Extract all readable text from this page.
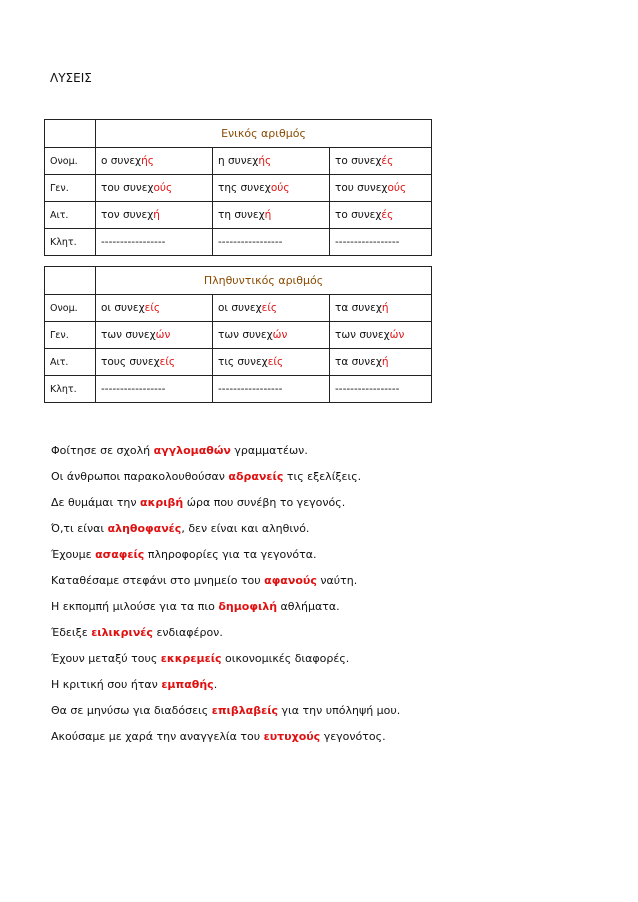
ΛΥΣΕΙΣ
	Ενικός αριθμός		
Ονομ.	ο συνεχής	η συνεχής	το συνεχές
Γεν.	του συνεχούς	της συνεχούς	του συνεχούς
Αιτ.	τον συνεχή	τη συνεχή	το συνεχές
Κλητ.	-----------------	-----------------	-----------------
	Πληθυντικός αριθμός		
Ονομ.	οι συνεχείς	οι συνεχείς	τα συνεχή
Γεν.	των συνεχών	των συνεχών	των συνεχών
Αιτ.	τους συνεχείς	τις συνεχείς	τα συνεχή
Κλητ.	-----------------	-----------------	-----------------
Φοίτησε σε σχολή αγγλομαθών γραμματέων.
Οι άνθρωποι παρακολουθούσαν αδρανείς τις εξελίξεις.
Δε θυμάμαι την ακριβή ώρα που συνέβη το γεγονός.
Ό,τι είναι αληθοφανές, δεν είναι και αληθινό.
Έχουμε ασαφείς πληροφορίες για τα γεγονότα.
Καταθέσαμε στεφάνι στο μνημείο του αφανούς ναύτη.
Η εκπομπή μιλούσε για τα πιο δημοφιλή αθλήματα.
Έδειξε ειλικρινές ενδιαφέρον.
Έχουν μεταξύ τους εκκρεμείς οικονομικές διαφορές.
Η κριτική σου ήταν εμπαθής.
Θα σε μηνύσω για διαδόσεις επιβλαβείς για την υπόληψή μου.
Ακούσαμε με χαρά την αναγγελία του ευτυχούς γεγονότος.
